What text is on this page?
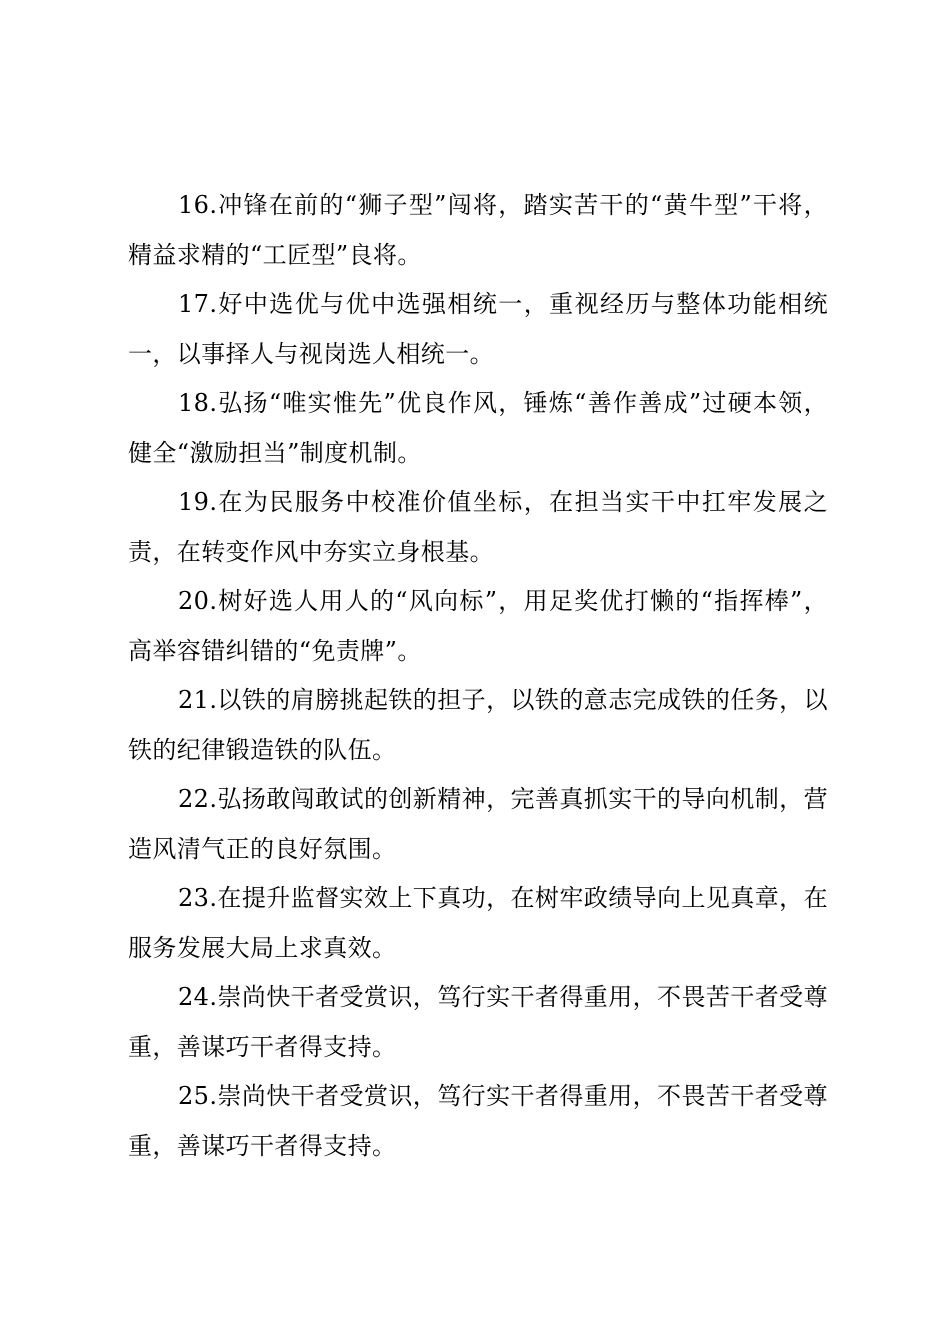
16.冲锋在前的“狮子型”闯将，踏实苦干的“黄牛型”干将，精益求精的“工匠型”良将。

17.好中选优与优中选强相统一，重视经历与整体功能相统一，以事择人与视岗选人相统一。

18.弘扬“唯实惟先”优良作风，锤炼“善作善成”过硬本领，健全“激励担当”制度机制。

19.在为民服务中校准价值坐标，在担当实干中扛牢发展之责，在转变作风中夯实立身根基。

20.树好选人用人的“风向标”，用足奖优打懒的“指挥棒”，高举容错纠错的“免责牌”。

21.以铁的肩膀挑起铁的担子，以铁的意志完成铁的任务，以铁的纪律锻造铁的队伍。

22.弘扬敢闯敢试的创新精神，完善真抓实干的导向机制，营造风清气正的良好氛围。

23.在提升监督实效上下真功，在树牢政绩导向上见真章，在服务发展大局上求真效。

24.崇尚快干者受赏识，笃行实干者得重用，不畏苦干者受尊重，善谋巧干者得支持。

25.崇尚快干者受赏识，笃行实干者得重用，不畏苦干者受尊重，善谋巧干者得支持。
